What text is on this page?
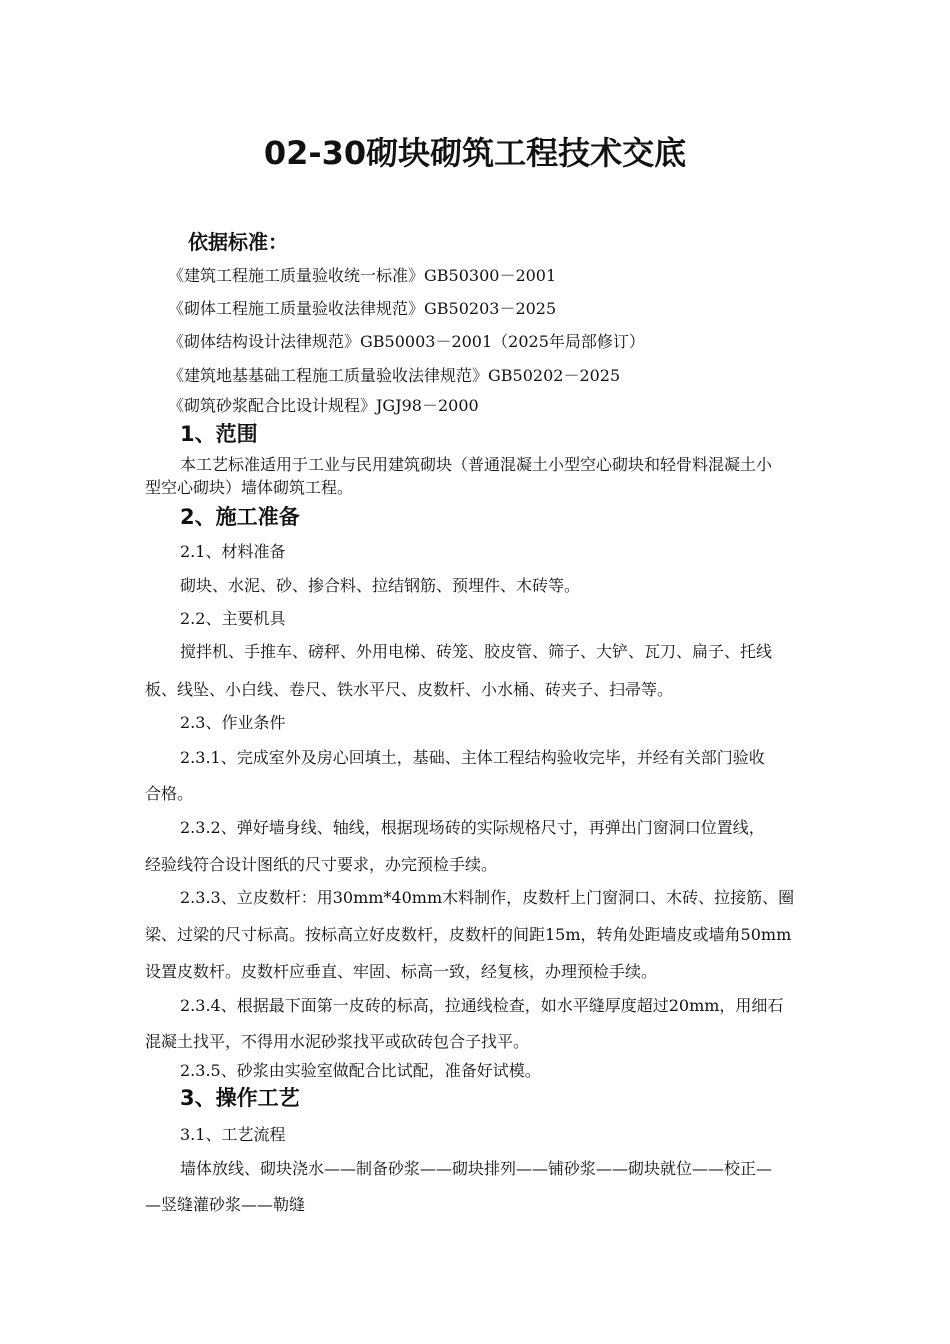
02-30砌块砌筑工程技术交底
依据标准：
《建筑工程施工质量验收统一标准》GB50300－2001
《砌体工程施工质量验收法律规范》GB50203－2025
《砌体结构设计法律规范》GB50003－2001（2025年局部修订）
《建筑地基基础工程施工质量验收法律规范》GB50202－2025
《砌筑砂浆配合比设计规程》JGJ98－2000
1、范围
本工艺标准适用于工业与民用建筑砌块（普通混凝土小型空心砌块和轻骨料混凝土小
型空心砌块）墙体砌筑工程。
2、施工准备
2.1、材料准备
砌块、水泥、砂、掺合料、拉结钢筋、预埋件、木砖等。
2.2、主要机具
搅拌机、手推车、磅秤、外用电梯、砖笼、胶皮管、筛子、大铲、瓦刀、扁子、托线
板、线坠、小白线、卷尺、铁水平尺、皮数杆、小水桶、砖夹子、扫帚等。
2.3、作业条件
2.3.1、完成室外及房心回填土，基础、主体工程结构验收完毕，并经有关部门验收
合格。
2.3.2、弹好墙身线、轴线，根据现场砖的实际规格尺寸，再弹出门窗洞口位置线，
经验线符合设计图纸的尺寸要求，办完预检手续。
2.3.3、立皮数杆：用30mm*40mm木料制作，皮数杆上门窗洞口、木砖、拉接筋、圈
梁、过梁的尺寸标高。按标高立好皮数杆，皮数杆的间距15m，转角处距墙皮或墙角50mm
设置皮数杆。皮数杆应垂直、牢固、标高一致，经复核，办理预检手续。
2.3.4、根据最下面第一皮砖的标高，拉通线检查，如水平缝厚度超过20mm，用细石
混凝土找平，不得用水泥砂浆找平或砍砖包合子找平。
2.3.5、砂浆由实验室做配合比试配，准备好试模。
3、操作工艺
3.1、工艺流程
墙体放线、砌块浇水——制备砂浆——砌块排列——铺砂浆——砌块就位——校正—
—竖缝灌砂浆——勒缝
